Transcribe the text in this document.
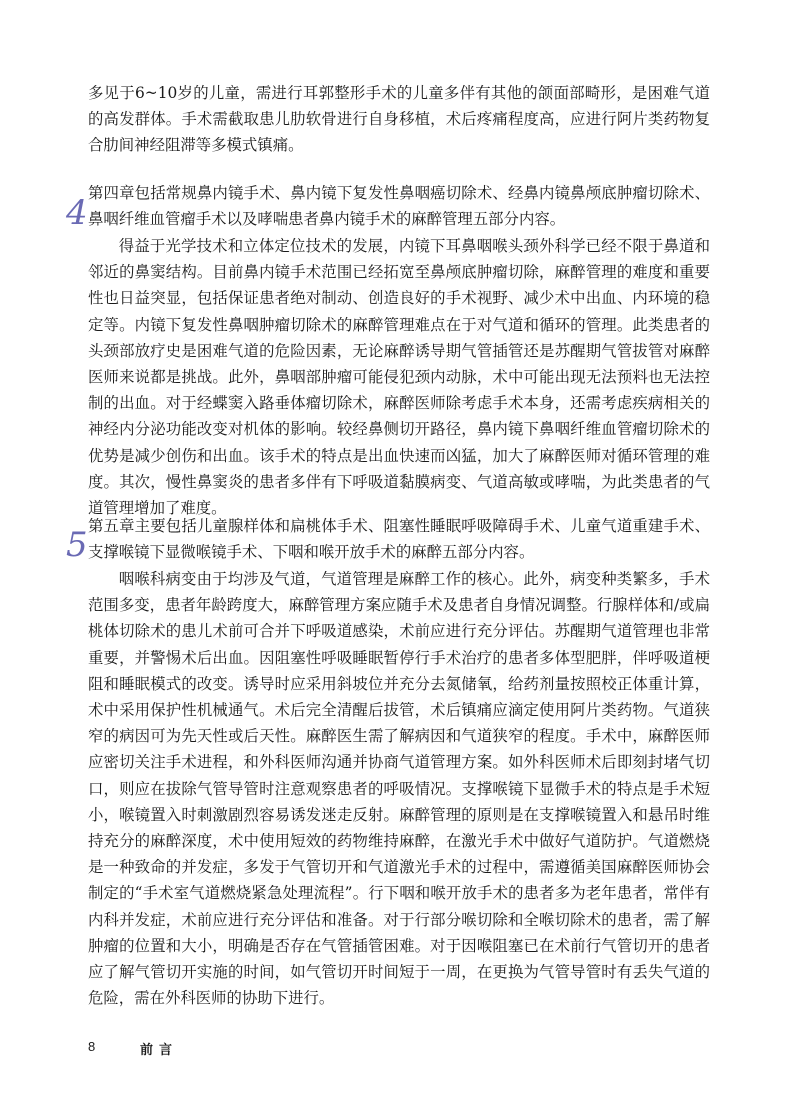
多见于6~10岁的儿童，需进行耳郭整形手术的儿童多伴有其他的颌面部畸形，是困难气道的高发群体。手术需截取患儿肋软骨进行自身移植，术后疼痛程度高，应进行阿片类药物复合肋间神经阻滞等多模式镇痛。

4 第四章包括常规鼻内镜手术、鼻内镜下复发性鼻咽癌切除术、经鼻内镜鼻颅底肿瘤切除术、鼻咽纤维血管瘤手术以及哮喘患者鼻内镜手术的麻醉管理五部分内容。

得益于光学技术和立体定位技术的发展，内镜下耳鼻咽喉头颈外科学已经不限于鼻道和邻近的鼻窦结构。目前鼻内镜手术范围已经拓宽至鼻颅底肿瘤切除，麻醉管理的难度和重要性也日益突显，包括保证患者绝对制动、创造良好的手术视野、减少术中出血、内环境的稳定等。内镜下复发性鼻咽肿瘤切除术的麻醉管理难点在于对气道和循环的管理。此类患者的头颈部放疗史是困难气道的危险因素，无论麻醉诱导期气管插管还是苏醒期气管拔管对麻醉医师来说都是挑战。此外，鼻咽部肿瘤可能侵犯颈内动脉，术中可能出现无法预料也无法控制的出血。对于经蝶窦入路垂体瘤切除术，麻醉医师除考虑手术本身，还需考虑疾病相关的神经内分泌功能改变对机体的影响。较经鼻侧切开路径，鼻内镜下鼻咽纤维血管瘤切除术的优势是减少创伤和出血。该手术的特点是出血快速而凶猛，加大了麻醉医师对循环管理的难度。其次，慢性鼻窦炎的患者多伴有下呼吸道黏膜病变、气道高敏或哮喘，为此类患者的气道管理增加了难度。

5 第五章主要包括儿童腺样体和扁桃体手术、阻塞性睡眠呼吸障碍手术、儿童气道重建手术、支撑喉镜下显微喉镜手术、下咽和喉开放手术的麻醉五部分内容。

咽喉科病变由于均涉及气道，气道管理是麻醉工作的核心。此外，病变种类繁多，手术范围多变，患者年龄跨度大，麻醉管理方案应随手术及患者自身情况调整。行腺样体和/或扁桃体切除术的患儿术前可合并下呼吸道感染，术前应进行充分评估。苏醒期气道管理也非常重要，并警惕术后出血。因阻塞性呼吸睡眠暂停行手术治疗的患者多体型肥胖，伴呼吸道梗阻和睡眠模式的改变。诱导时应采用斜坡位并充分去氮储氧，给药剂量按照校正体重计算，术中采用保护性机械通气。术后完全清醒后拔管，术后镇痛应滴定使用阿片类药物。气道狭窄的病因可为先天性或后天性。麻醉医生需了解病因和气道狭窄的程度。手术中，麻醉医师应密切关注手术进程，和外科医师沟通并协商气道管理方案。如外科医师术后即刻封堵气切口，则应在拔除气管导管时注意观察患者的呼吸情况。支撑喉镜下显微手术的特点是手术短小，喉镜置入时刺激剧烈容易诱发迷走反射。麻醉管理的原则是在支撑喉镜置入和悬吊时维持充分的麻醉深度，术中使用短效的药物维持麻醉，在激光手术中做好气道防护。气道燃烧是一种致命的并发症，多发于气管切开和气道激光手术的过程中，需遵循美国麻醉医师协会制定的“手术室气道燃烧紧急处理流程”。行下咽和喉开放手术的患者多为老年患者，常伴有内科并发症，术前应进行充分评估和准备。对于行部分喉切除和全喉切除术的患者，需了解肿瘤的位置和大小，明确是否存在气管插管困难。对于因喉阻塞已在术前行气管切开的患者应了解气管切开实施的时间，如气管切开时间短于一周，在更换为气管导管时有丢失气道的危险，需在外科医师的协助下进行。

8	前言
